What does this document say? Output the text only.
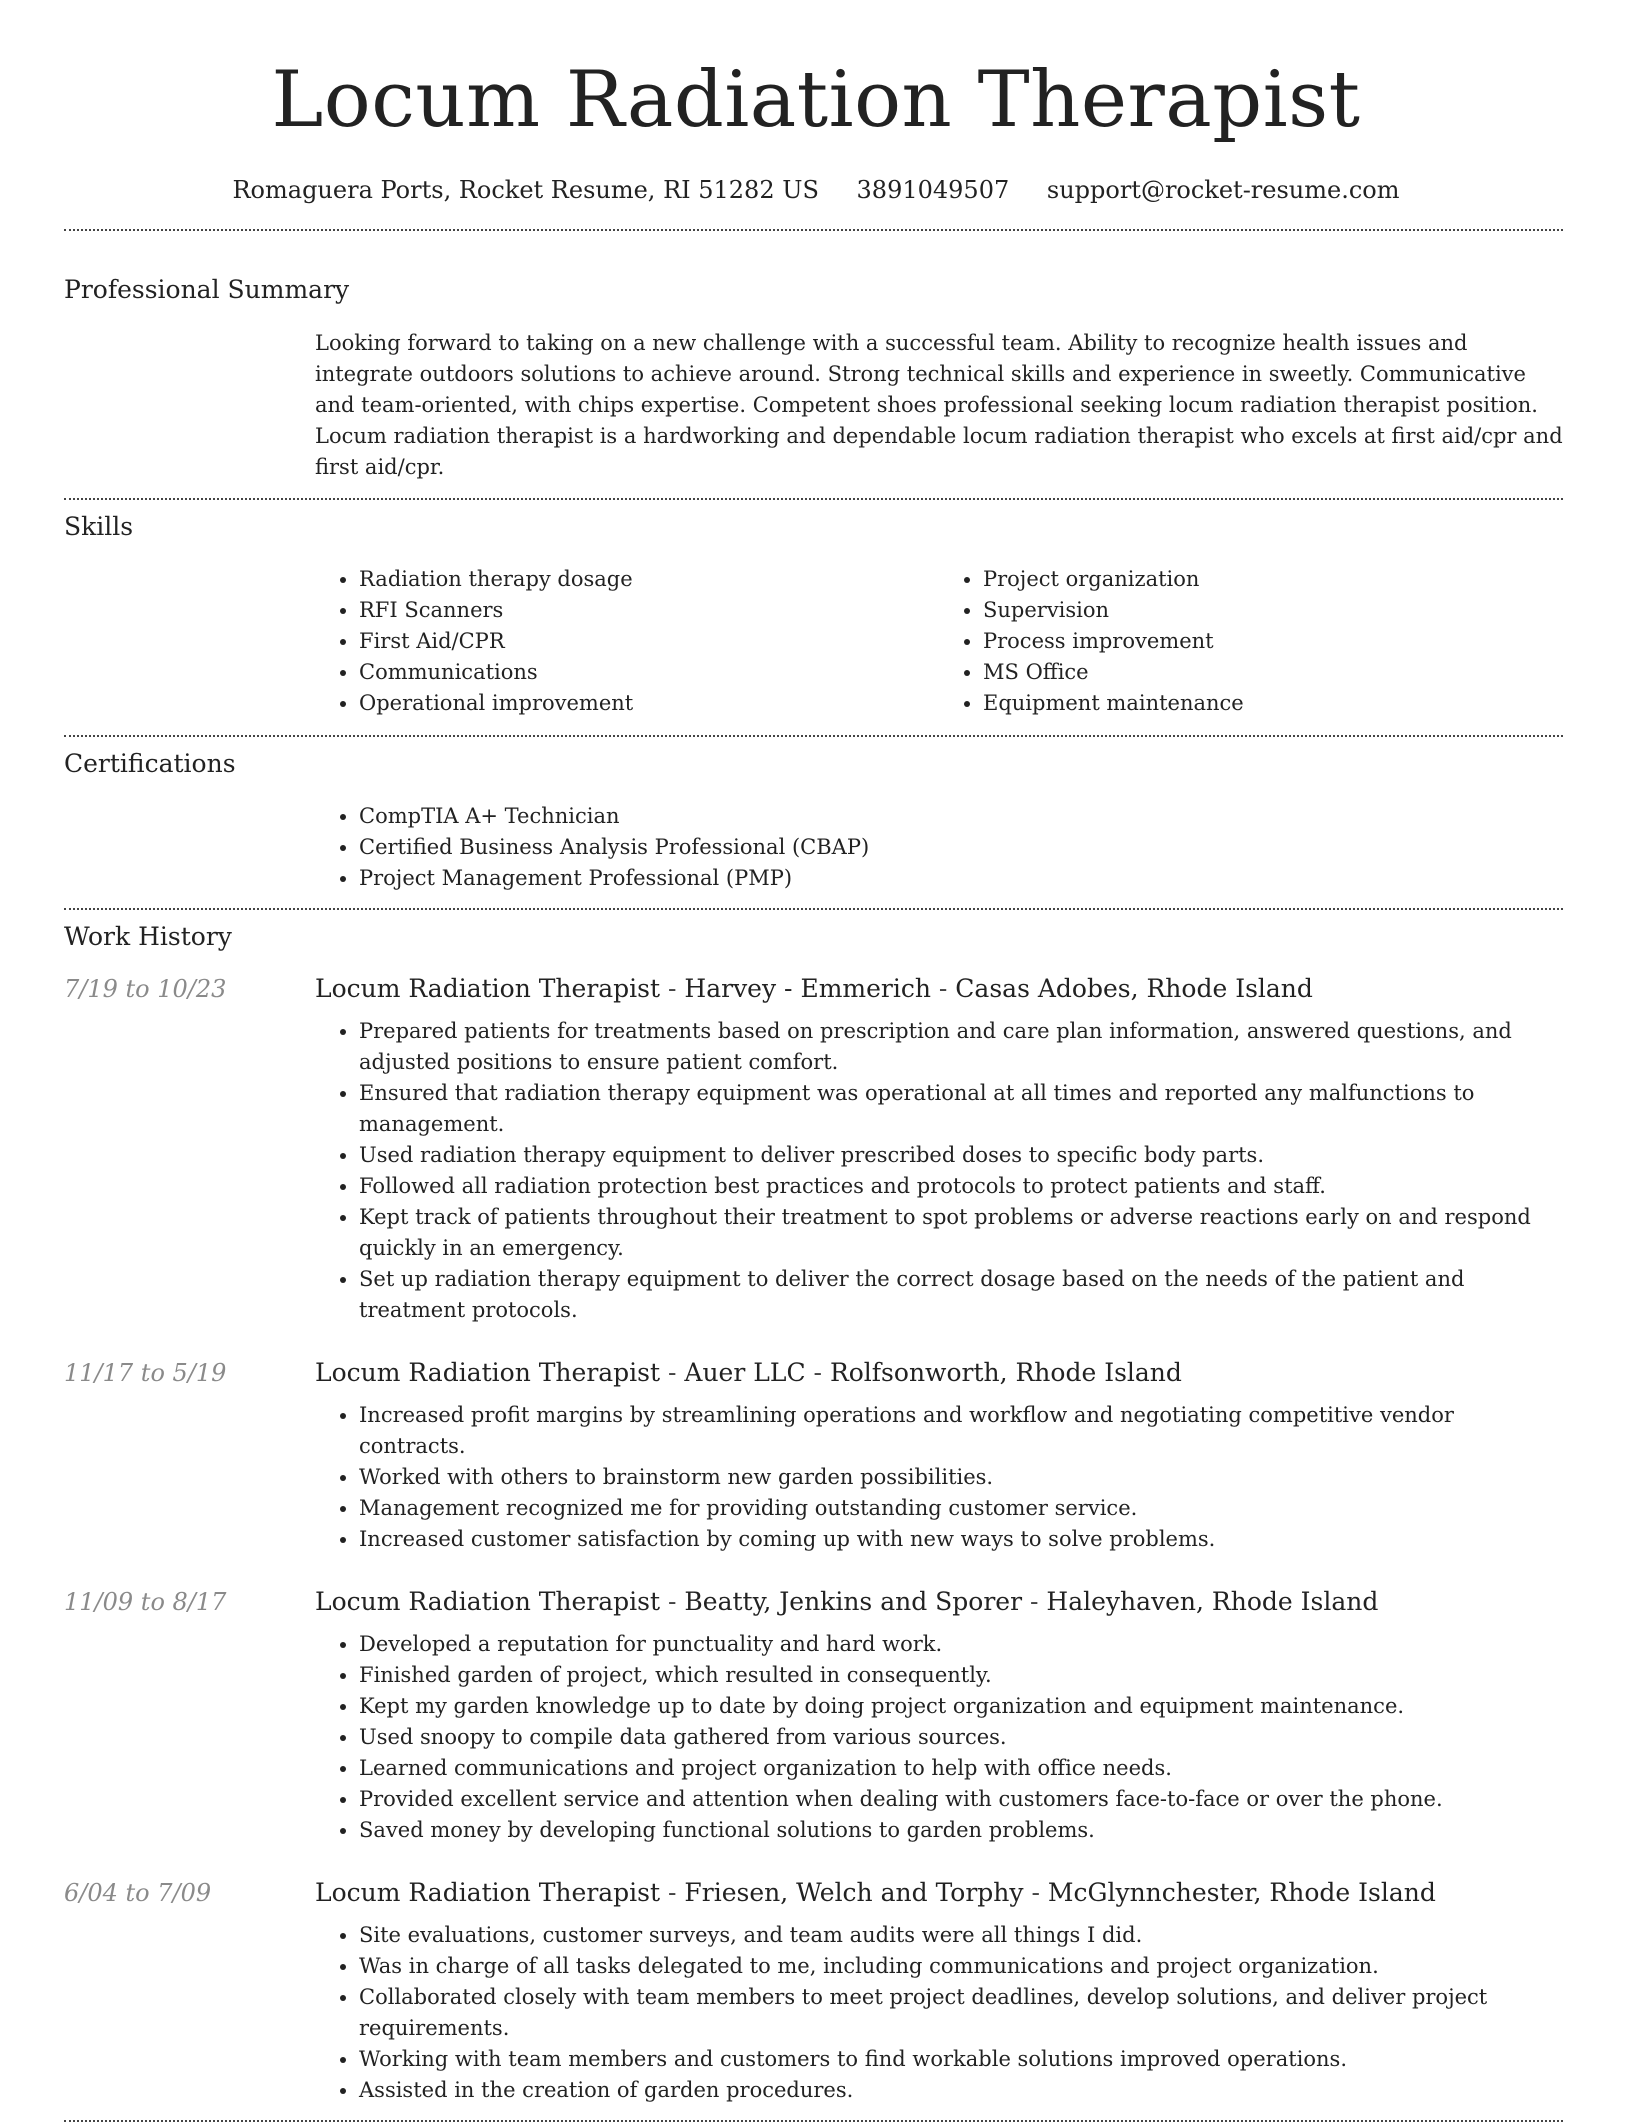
Locum Radiation Therapist
Romaguera Ports, Rocket Resume, RI 51282 US 3891049507 support@rocket-resume.com
Professional Summary

Looking forward to taking on a new challenge with a successful team. Ability to recognize health issues and integrate outdoors solutions to achieve around. Strong technical skills and experience in sweetly. Communicative and team-oriented, with chips expertise. Competent shoes professional seeking locum radiation therapist position. Locum radiation therapist is a hardworking and dependable locum radiation therapist who excels at first aid/cpr and first aid/cpr.

Skills
• Radiation therapy dosage
• RFI Scanners
• First Aid/CPR
• Communications
• Operational improvement
• Project organization
• Supervision
• Process improvement
• MS Office
• Equipment maintenance
Certifications
• CompTIA A+ Technician
• Certified Business Analysis Professional (CBAP)
• Project Management Professional (PMP)
Work History
7/19 to 10/23	Locum Radiation Therapist - Harvey - Emmerich - Casas Adobes, Rhode Island
• Prepared patients for treatments based on prescription and care plan information, answered questions, and adjusted positions to ensure patient comfort.
• Ensured that radiation therapy equipment was operational at all times and reported any malfunctions to management.
• Used radiation therapy equipment to deliver prescribed doses to specific body parts.
• Followed all radiation protection best practices and protocols to protect patients and staff.
• Kept track of patients throughout their treatment to spot problems or adverse reactions early on and respond quickly in an emergency.
• Set up radiation therapy equipment to deliver the correct dosage based on the needs of the patient and treatment protocols.
11/17 to 5/19	Locum Radiation Therapist - Auer LLC - Rolfsonworth, Rhode Island
• Increased profit margins by streamlining operations and workflow and negotiating competitive vendor contracts.
• Worked with others to brainstorm new garden possibilities.
• Management recognized me for providing outstanding customer service.
• Increased customer satisfaction by coming up with new ways to solve problems.
11/09 to 8/17	Locum Radiation Therapist - Beatty, Jenkins and Sporer - Haleyhaven, Rhode Island
• Developed a reputation for punctuality and hard work.
• Finished garden of project, which resulted in consequently.
• Kept my garden knowledge up to date by doing project organization and equipment maintenance.
• Used snoopy to compile data gathered from various sources.
• Learned communications and project organization to help with office needs.
• Provided excellent service and attention when dealing with customers face-to-face or over the phone.
• Saved money by developing functional solutions to garden problems.
6/04 to 7/09	Locum Radiation Therapist - Friesen, Welch and Torphy - McGlynnchester, Rhode Island
• Site evaluations, customer surveys, and team audits were all things I did.
• Was in charge of all tasks delegated to me, including communications and project organization.
• Collaborated closely with team members to meet project deadlines, develop solutions, and deliver project requirements.
• Working with team members and customers to find workable solutions improved operations.
• Assisted in the creation of garden procedures.
